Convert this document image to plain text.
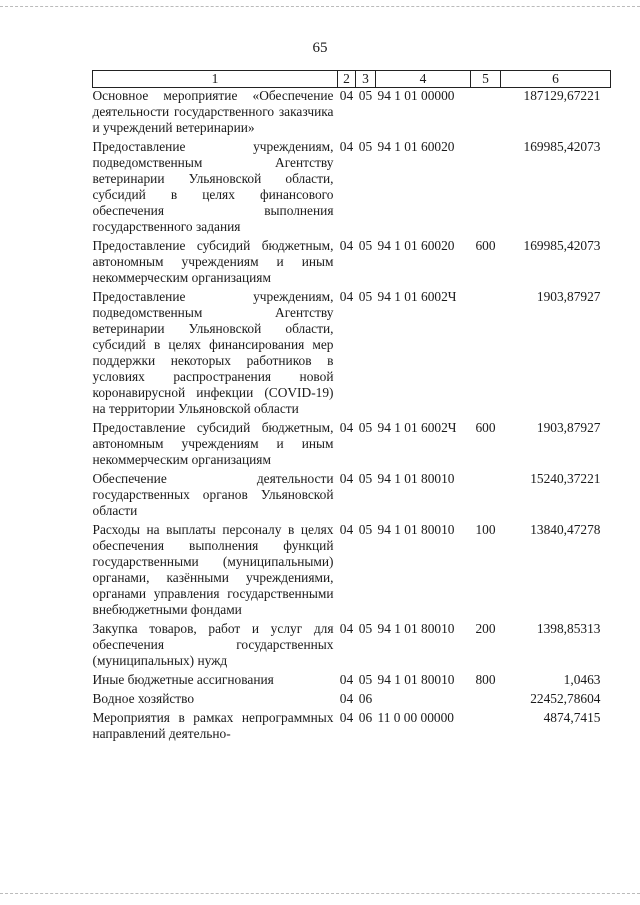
65
1	2	3	4	5	6
Основное мероприятие «Обеспечение деятельности государственного заказчика и учреждений ветеринарии»	04	05	94 1 01 00000		187129,67221
Предоставление учреждениям, подведомственным Агентству ветеринарии Ульяновской области, субсидий в целях финансового обеспечения выполнения государственного задания	04	05	94 1 01 60020		169985,42073
Предоставление субсидий бюджетным, автономным учреждениям и иным некоммерческим организациям	04	05	94 1 01 60020	600	169985,42073
Предоставление учреждениям, подведомственным Агентству ветеринарии Ульяновской области, субсидий в целях финансирования мер поддержки некоторых работников в условиях распространения новой коронавирусной инфекции (COVID-19) на территории Ульяновской области	04	05	94 1 01 6002Ч		1903,87927
Предоставление субсидий бюджетным, автономным учреждениям и иным некоммерческим организациям	04	05	94 1 01 6002Ч	600	1903,87927
Обеспечение деятельности государственных органов Ульяновской области	04	05	94 1 01 80010		15240,37221
Расходы на выплаты персоналу в целях обеспечения выполнения функций государственными (муниципальными) органами, казёнными учреждениями, органами управления государственными внебюджетными фондами	04	05	94 1 01 80010	100	13840,47278
Закупка товаров, работ и услуг для обеспечения государственных (муниципальных) нужд	04	05	94 1 01 80010	200	1398,85313
Иные бюджетные ассигнования	04	05	94 1 01 80010	800	1,0463
Водное хозяйство	04	06			22452,78604
Мероприятия в рамках непрограммных направлений деятельно-	04	06	11 0 00 00000		4874,7415
